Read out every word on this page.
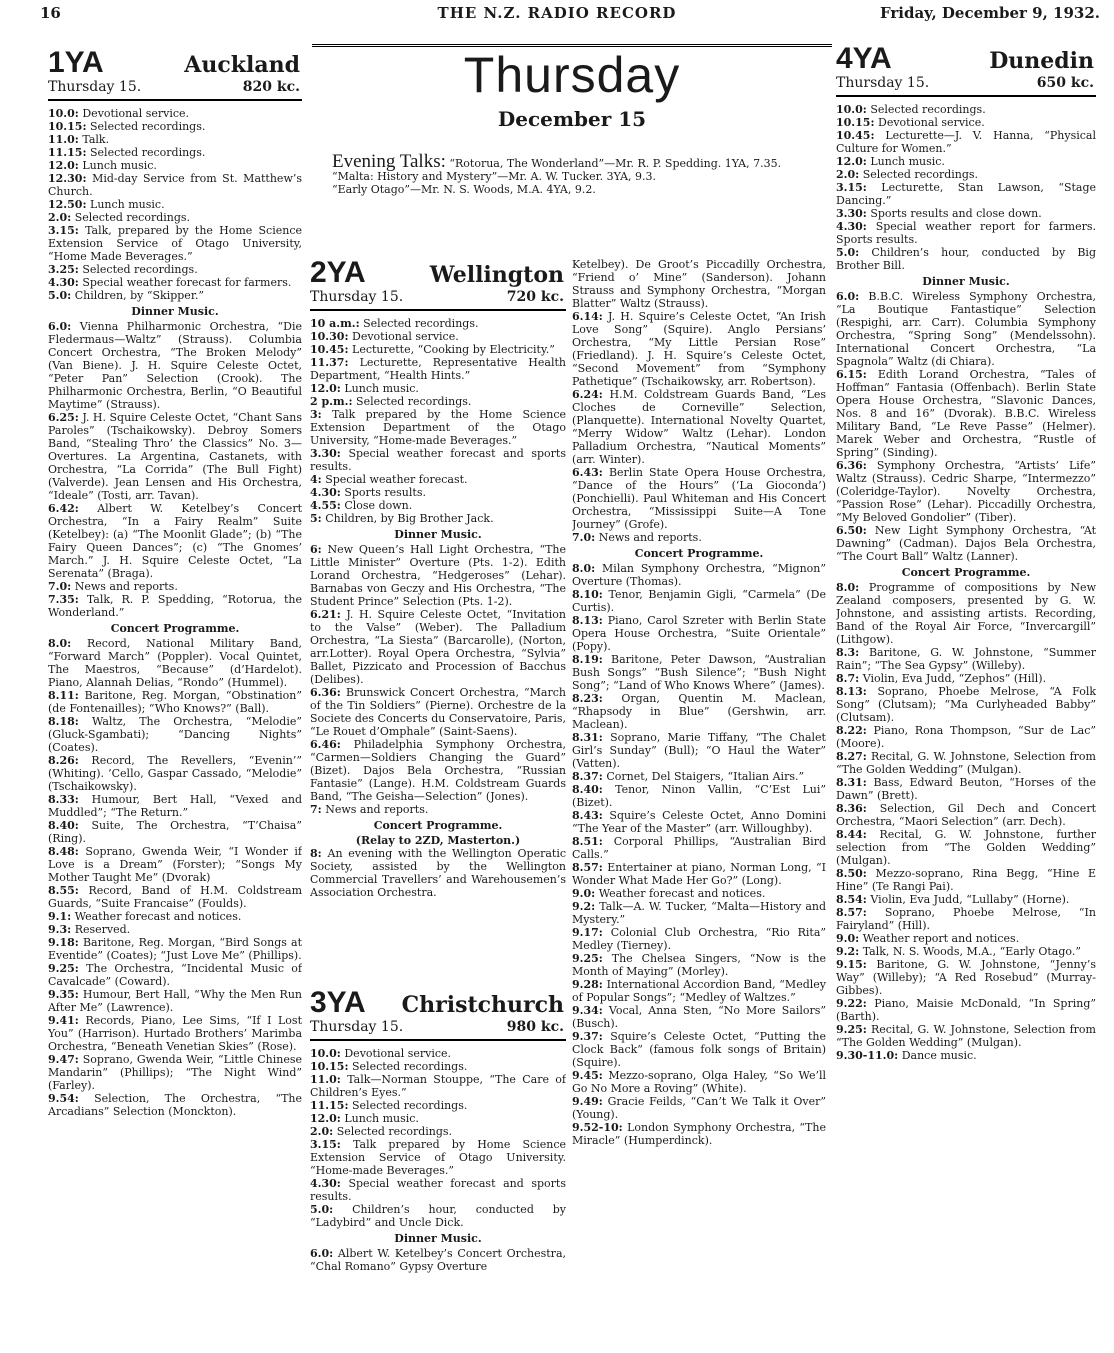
16	THE N.Z. RADIO RECORD	Friday, December 9, 1932.
1YA	Auckland
Thursday 15.	820 kc.
10.0: Devotional service.
10.15: Selected recordings.
11.0: Talk.
11.15: Selected recordings.
12.0: Lunch music.
12.30: Mid-day Service from St. Matthew’s Church.
12.50: Lunch music.
2.0: Selected recordings.
3.15: Talk, prepared by the Home Science Extension Service of Otago University, “Home Made Beverages.”
3.25: Selected recordings.
4.30: Special weather forecast for farmers.
5.0: Children, by “Skipper.”
Dinner Music.
6.0: Vienna Philharmonic Orchestra, “Die Fledermaus—Waltz” (Strauss). Columbia Concert Orchestra, “The Broken Melody” (Van Biene). J. H. Squire Celeste Octet, “Peter Pan” Selection (Crook). The Philharmonic Orchestra, Berlin, “O Beautiful Maytime” (Strauss).
6.25: J. H. Squire Celeste Octet, “Chant Sans Paroles” (Tschaikowsky). Debroy Somers Band, “Stealing Thro’ the Classics” No. 3—Overtures. La Argentina, Castanets, with Orchestra, “La Corrida” (The Bull Fight) (Valverde). Jean Lensen and His Orchestra, “Ideale” (Tosti, arr. Tavan).
6.42: Albert W. Ketelbey’s Concert Orchestra, “In a Fairy Realm” Suite (Ketelbey): (a) “The Moonlit Glade”; (b) “The Fairy Queen Dances”; (c) “The Gnomes’ March.” J. H. Squire Celeste Octet, “La Serenata” (Braga).
7.0: News and reports.
7.35: Talk, R. P. Spedding, “Rotorua, the Wonderland.”
Concert Programme.
8.0: Record, National Military Band, “Forward March” (Poppler). Vocal Quintet, The Maestros, “Because” (d’Hardelot). Piano, Alannah Delias, “Rondo” (Hummel).
8.11: Baritone, Reg. Morgan, “Obstination” (de Fontenailles); “Who Knows?” (Ball).
8.18: Waltz, The Orchestra, “Melodie” (Gluck-Sgambati); “Dancing Nights” (Coates).
8.26: Record, The Revellers, “Evenin’” (Whiting). ’Cello, Gaspar Cassado, “Melodie” (Tschaikowsky).
8.33: Humour, Bert Hall, “Vexed and Muddled”; “The Return.”
8.40: Suite, The Orchestra, “T’Chaisa” (Ring).
8.48: Soprano, Gwenda Weir, “I Wonder if Love is a Dream” (Forster); “Songs My Mother Taught Me” (Dvorak)
8.55: Record, Band of H.M. Coldstream Guards, “Suite Francaise” (Foulds).
9.1: Weather forecast and notices.
9.3: Reserved.
9.18: Baritone, Reg. Morgan, “Bird Songs at Eventide” (Coates); “Just Love Me” (Phillips).
9.25: The Orchestra, “Incidental Music of Cavalcade” (Coward).
9.35: Humour, Bert Hall, “Why the Men Run After Me” (Lawrence).
9.41: Records, Piano, Lee Sims, “If I Lost You” (Harrison). Hurtado Brothers’ Marimba Orchestra, “Beneath Venetian Skies” (Rose).
9.47: Soprano, Gwenda Weir, “Little Chinese Mandarin” (Phillips); “The Night Wind” (Farley).
9.54: Selection, The Orchestra, “The Arcadians” Selection (Monckton).
Thursday
December 15
Evening Talks: “Rotorua, The Wonderland”—Mr. R. P. Spedding. 1YA, 7.35.
“Malta: History and Mystery”—Mr. A. W. Tucker. 3YA, 9.3.
“Early Otago”—Mr. N. S. Woods, M.A. 4YA, 9.2.
2YA	Wellington
Thursday 15.	720 kc.
10 a.m.: Selected recordings.
10.30: Devotional service.
10.45: Lecturette, “Cooking by Electricity.”
11.37: Lecturette, Representative Health Department, “Health Hints.”
12.0: Lunch music.
2 p.m.: Selected recordings.
3: Talk prepared by the Home Science Extension Department of the Otago University, “Home-made Beverages.”
3.30: Special weather forecast and sports results.
4: Special weather forecast.
4.30: Sports results.
4.55: Close down.
5: Children, by Big Brother Jack.
Dinner Music.
6: New Queen’s Hall Light Orchestra, “The Little Minister” Overture (Pts. 1-2). Edith Lorand Orchestra, “Hedgeroses” (Lehar). Barnabas von Geczy and His Orchestra, “The Student Prince” Selection (Pts. 1-2).
6.21: J. H. Squire Celeste Octet, “Invitation to the Valse” (Weber). The Palladium Orchestra, “La Siesta” (Barcarolle), (Norton, arr.Lotter). Royal Opera Orchestra, “Sylvia” Ballet, Pizzicato and Procession of Bacchus (Delibes).
6.36: Brunswick Concert Orchestra, “March of the Tin Soldiers” (Pierne). Orchestre de la Societe des Concerts du Conservatoire, Paris, “Le Rouet d’Omphale” (Saint-Saens).
6.46: Philadelphia Symphony Orchestra, “Carmen—Soldiers Changing the Guard” (Bizet). Dajos Bela Orchestra, “Russian Fantasie” (Lange). H.M. Coldstream Guards Band, “The Geisha—Selection” (Jones).
7: News and reports.
Concert Programme.
(Relay to 2ZD, Masterton.)
8: An evening with the Wellington Operatic Society, assisted by the Wellington Commercial Travellers’ and Warehousemen’s Association Orchestra.
3YA	Christchurch
Thursday 15.	980 kc.
10.0: Devotional service.
10.15: Selected recordings.
11.0: Talk—Norman Stouppe, “The Care of Children’s Eyes.”
11.15: Selected recordings.
12.0: Lunch music.
2.0: Selected recordings.
3.15: Talk prepared by Home Science Extension Service of Otago University. “Home-made Beverages.”
4.30: Special weather forecast and sports results.
5.0: Children’s hour, conducted by “Ladybird” and Uncle Dick.
Dinner Music.
6.0: Albert W. Ketelbey’s Concert Orchestra, “Chal Romano” Gypsy Overture
Ketelbey). De Groot’s Piccadilly Orchestra, “Friend o’ Mine” (Sanderson). Johann Strauss and Symphony Orchestra, “Morgan Blatter” Waltz (Strauss).
6.14: J. H. Squire’s Celeste Octet, “An Irish Love Song” (Squire). Anglo Persians’ Orchestra, “My Little Persian Rose” (Friedland). J. H. Squire’s Celeste Octet, “Second Movement” from “Symphony Pathetique” (Tschaikowsky, arr. Robertson).
6.24: H.M. Coldstream Guards Band, “Les Cloches de Corneville” Selection, (Planquette). International Novelty Quartet, “Merry Widow” Waltz (Lehar). London Palladium Orchestra, “Nautical Moments” (arr. Winter).
6.43: Berlin State Opera House Orchestra, “Dance of the Hours” (‘La Gioconda’) (Ponchielli). Paul Whiteman and His Concert Orchestra, “Mississippi Suite—A Tone Journey” (Grofe).
7.0: News and reports.
Concert Programme.
8.0: Milan Symphony Orchestra, “Mignon” Overture (Thomas).
8.10: Tenor, Benjamin Gigli, “Carmela” (De Curtis).
8.13: Piano, Carol Szreter with Berlin State Opera House Orchestra, “Suite Orientale” (Popy).
8.19: Baritone, Peter Dawson, “Australian Bush Songs” “Bush Silence”; “Bush Night Song”; “Land of Who Knows Where” (James).
8.23: Organ, Quentin M. Maclean, “Rhapsody in Blue” (Gershwin, arr. Maclean).
8.31: Soprano, Marie Tiffany, “The Chalet Girl’s Sunday” (Bull); “O Haul the Water” (Vatten).
8.37: Cornet, Del Staigers, “Italian Airs.”
8.40: Tenor, Ninon Vallin, “C’Est Lui” (Bizet).
8.43: Squire’s Celeste Octet, Anno Domini “The Year of the Master” (arr. Willoughby).
8.51: Corporal Phillips, “Australian Bird Calls.”
8.57: Entertainer at piano, Norman Long, “I Wonder What Made Her Go?” (Long).
9.0: Weather forecast and notices.
9.2: Talk—A. W. Tucker, “Malta—History and Mystery.”
9.17: Colonial Club Orchestra, “Rio Rita” Medley (Tierney).
9.25: The Chelsea Singers, “Now is the Month of Maying” (Morley).
9.28: International Accordion Band, “Medley of Popular Songs”; “Medley of Waltzes.”
9.34: Vocal, Anna Sten, “No More Sailors” (Busch).
9.37: Squire’s Celeste Octet, “Putting the Clock Back” (famous folk songs of Britain) (Squire).
9.45: Mezzo-soprano, Olga Haley, “So We’ll Go No More a Roving” (White).
9.49: Gracie Feilds, “Can’t We Talk it Over” (Young).
9.52-10: London Symphony Orchestra, “The Miracle” (Humperdinck).
4YA	Dunedin
Thursday 15.	650 kc.
10.0: Selected recordings.
10.15: Devotional service.
10.45: Lecturette—J. V. Hanna, “Physical Culture for Women.”
12.0: Lunch music.
2.0: Selected recordings.
3.15: Lecturette, Stan Lawson, “Stage Dancing.”
3.30: Sports results and close down.
4.30: Special weather report for farmers. Sports results.
5.0: Children’s hour, conducted by Big Brother Bill.
Dinner Music.
6.0: B.B.C. Wireless Symphony Orchestra, “La Boutique Fantastique” Selection (Respighi, arr. Carr). Columbia Symphony Orchestra, “Spring Song” (Mendelssohn). International Concert Orchestra, “La Spagnola” Waltz (di Chiara).
6.15: Edith Lorand Orchestra, “Tales of Hoffman” Fantasia (Offenbach). Berlin State Opera House Orchestra, “Slavonic Dances, Nos. 8 and 16” (Dvorak). B.B.C. Wireless Military Band, “Le Reve Passe” (Helmer). Marek Weber and Orchestra, “Rustle of Spring” (Sinding).
6.36: Symphony Orchestra, “Artists’ Life” Waltz (Strauss). Cedric Sharpe, “Intermezzo” (Coleridge-Taylor). Novelty Orchestra, “Passion Rose” (Lehar). Piccadilly Orchestra, “My Beloved Gondolier” (Tiber).
6.50: New Light Symphony Orchestra, “At Dawning” (Cadman). Dajos Bela Orchestra, “The Court Ball” Waltz (Lanner).
Concert Programme.
8.0: Programme of compositions by New Zealand composers, presented by G. W. Johnstone, and assisting artists. Recording, Band of the Royal Air Force, “Invercargill” (Lithgow).
8.3: Baritone, G. W. Johnstone, “Summer Rain”; “The Sea Gypsy” (Willeby).
8.7: Violin, Eva Judd, “Zephos” (Hill).
8.13: Soprano, Phoebe Melrose, “A Folk Song” (Clutsam); “Ma Curlyheaded Babby” (Clutsam).
8.22: Piano, Rona Thompson, “Sur de Lac” (Moore).
8.27: Recital, G. W. Johnstone, Selection from “The Golden Wedding” (Mulgan).
8.31: Bass, Edward Beuton, “Horses of the Dawn” (Brett).
8.36: Selection, Gil Dech and Concert Orchestra, “Maori Selection” (arr. Dech).
8.44: Recital, G. W. Johnstone, further selection from “The Golden Wedding” (Mulgan).
8.50: Mezzo-soprano, Rina Begg, “Hine E Hine” (Te Rangi Pai).
8.54: Violin, Eva Judd, “Lullaby” (Horne).
8.57: Soprano, Phoebe Melrose, “In Fairyland” (Hill).
9.0: Weather report and notices.
9.2: Talk, N. S. Woods, M.A., “Early Otago.”
9.15: Baritone, G. W. Johnstone, “Jenny’s Way” (Willeby); “A Red Rosebud” (Murray-Gibbes).
9.22: Piano, Maisie McDonald, “In Spring” (Barth).
9.25: Recital, G. W. Johnstone, Selection from “The Golden Wedding” (Mulgan).
9.30-11.0: Dance music.
